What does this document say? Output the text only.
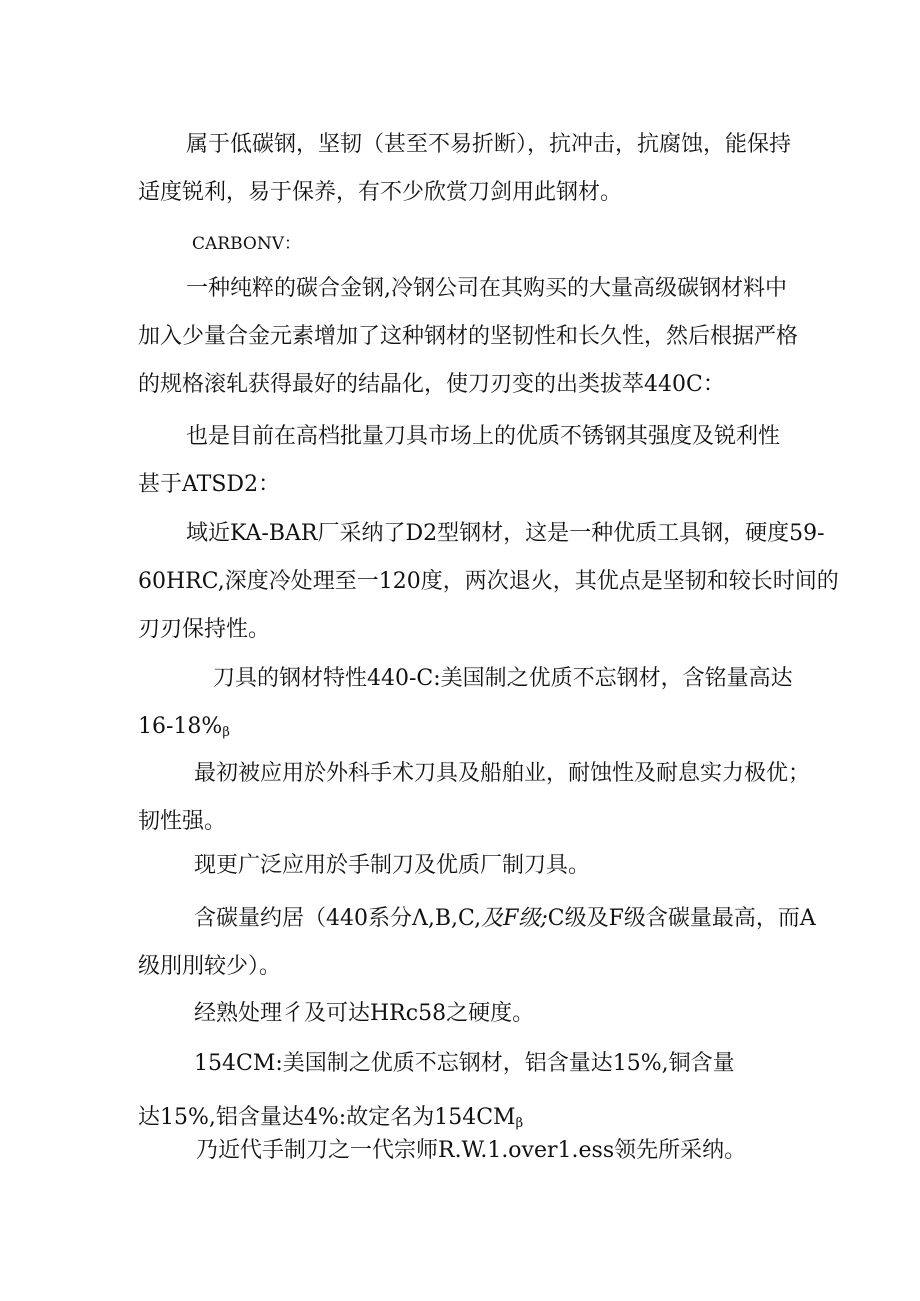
属于低碳钢，坚韧（甚至不易折断），抗冲击，抗腐蚀，能保持
适度锐利，易于保养，有不少欣赏刀剑用此钢材。
CARBONV：
一种纯粹的碳合金钢,冷钢公司在其购买的大量高级碳钢材料中
加入少量合金元素增加了这种钢材的坚韧性和长久性，然后根据严格
的规格滚轧获得最好的结晶化，使刀刃变的出类拔萃440C：
也是目前在高档批量刀具市场上的优质不锈钢其强度及锐利性
甚于ATSD2：
域近KA-BAR厂采纳了D2型钢材，这是一种优质工具钢，硬度59-
60HRC,深度冷处理至一120度，两次退火，其优点是坚韧和较长时间的
刃刃保持性。
刀具的钢材特性440-C:美国制之优质不忘钢材，含铭量高达
$16-18\%_\beta$
最初被应用於外科手术刀具及船舶业，耐蚀性及耐息实力极优；
韧性强。
现更广泛应用於手制刀及优质厂制刀具。
含碳量约居（440系分Λ,B,C,及F级;C级及F级含碳量最高，而A
级刖刖较少）。
经熟处理彳及可达HRc58之硬度。
154CM:美国制之优质不忘钢材，铝含量达15%,铜含量
达15%,铝含量达4%:故定名为$154CM_\beta$
乃近代手制刀之一代宗师R.W.1.over1.ess领先所采纳。
